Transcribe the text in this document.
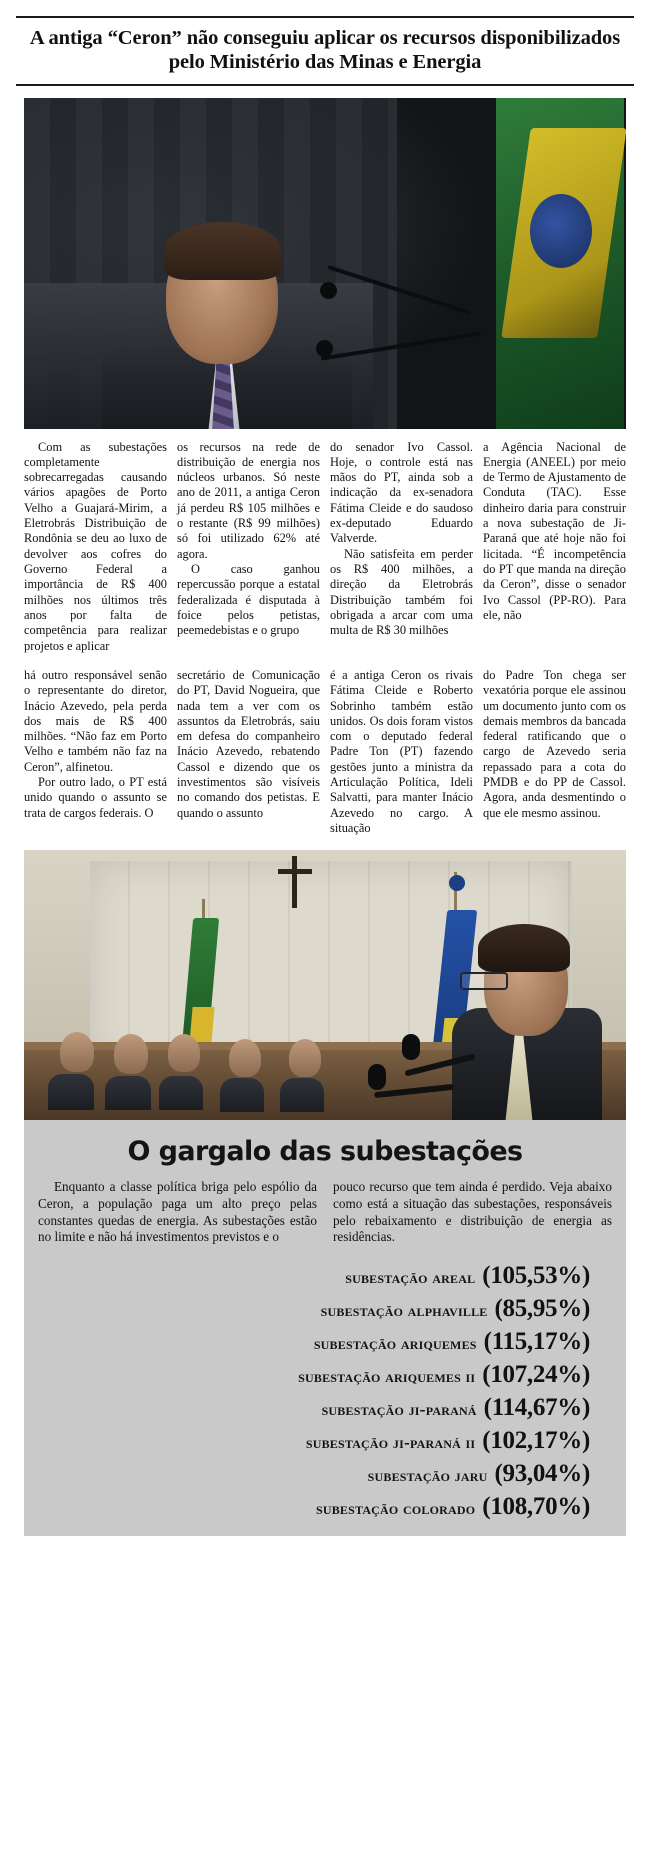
A antiga “Ceron” não conseguiu aplicar os recursos disponibilizados pelo Ministério das Minas e Energia

Com as subestações completamente sobrecarregadas causando vários apagões de Porto Velho a Guajará-Mirim, a Eletrobrás Distribuição de Rondônia se deu ao luxo de devolver aos cofres do Governo Federal a importância de R$ 400 milhões nos últimos três anos por falta de competência para realizar projetos e aplicar

os recursos na rede de distribuição de energia nos núcleos urbanos. Só neste ano de 2011, a antiga Ceron já perdeu R$ 105 milhões e o restante (R$ 99 milhões) só foi utilizado 62% até agora.

O caso ganhou repercussão porque a estatal federalizada é disputada à foice pelos petistas, peemedebistas e o grupo

do senador Ivo Cassol. Hoje, o controle está nas mãos do PT, ainda sob a indicação da ex-senadora Fátima Cleide e do saudoso ex-deputado Eduardo Valverde.

Não satisfeita em perder os R$ 400 milhões, a direção da Eletrobrás Distribuição também foi obrigada a arcar com uma multa de R$ 30 milhões

a Agência Nacional de Energia (ANEEL) por meio de Termo de Ajustamento de Conduta (TAC). Esse dinheiro daria para construir a nova subestação de Ji-Paraná que até hoje não foi licitada. “É incompetência do PT que manda na direção da Ceron”, disse o senador Ivo Cassol (PP-RO). Para ele, não

há outro responsável senão o representante do diretor, Inácio Azevedo, pela perda dos mais de R$ 400 milhões. “Não faz em Porto Velho e também não faz na Ceron”, alfinetou.

Por outro lado, o PT está unido quando o assunto se trata de cargos federais. O

secretário de Comunicação do PT, David Nogueira, que nada tem a ver com os assuntos da Eletrobrás, saiu em defesa do companheiro Inácio Azevedo, rebatendo Cassol e dizendo que os investimentos são visíveis no comando dos petistas. E quando o assunto

é a antiga Ceron os rivais Fátima Cleide e Roberto Sobrinho também estão unidos. Os dois foram vistos com o deputado federal Padre Ton (PT) fazendo gestões junto a ministra da Articulação Política, Ideli Salvatti, para manter Inácio Azevedo no cargo. A situação

do Padre Ton chega ser vexatória porque ele assinou um documento junto com os demais membros da bancada federal ratificando que o cargo de Azevedo seria repassado para a cota do PMDB e do PP de Cassol. Agora, anda desmentindo o que ele mesmo assinou.

O gargalo das subestações

Enquanto a classe política briga pelo espólio da Ceron, a população paga um alto preço pelas constantes quedas de energia. As subestações estão no limite e não há investimentos previstos e o

pouco recurso que tem ainda é perdido. Veja abaixo como está a situação das subestações, responsáveis pelo rebaixamento e distribuição de energia as residências.

subestação areal (105,53%)
subestação alphaville (85,95%)
subestação ariquemes (115,17%)
subestação ariquemes ii (107,24%)
subestação ji-paraná (114,67%)
subestação ji-paraná ii (102,17%)
subestação jaru (93,04%)
subestação colorado (108,70%)
